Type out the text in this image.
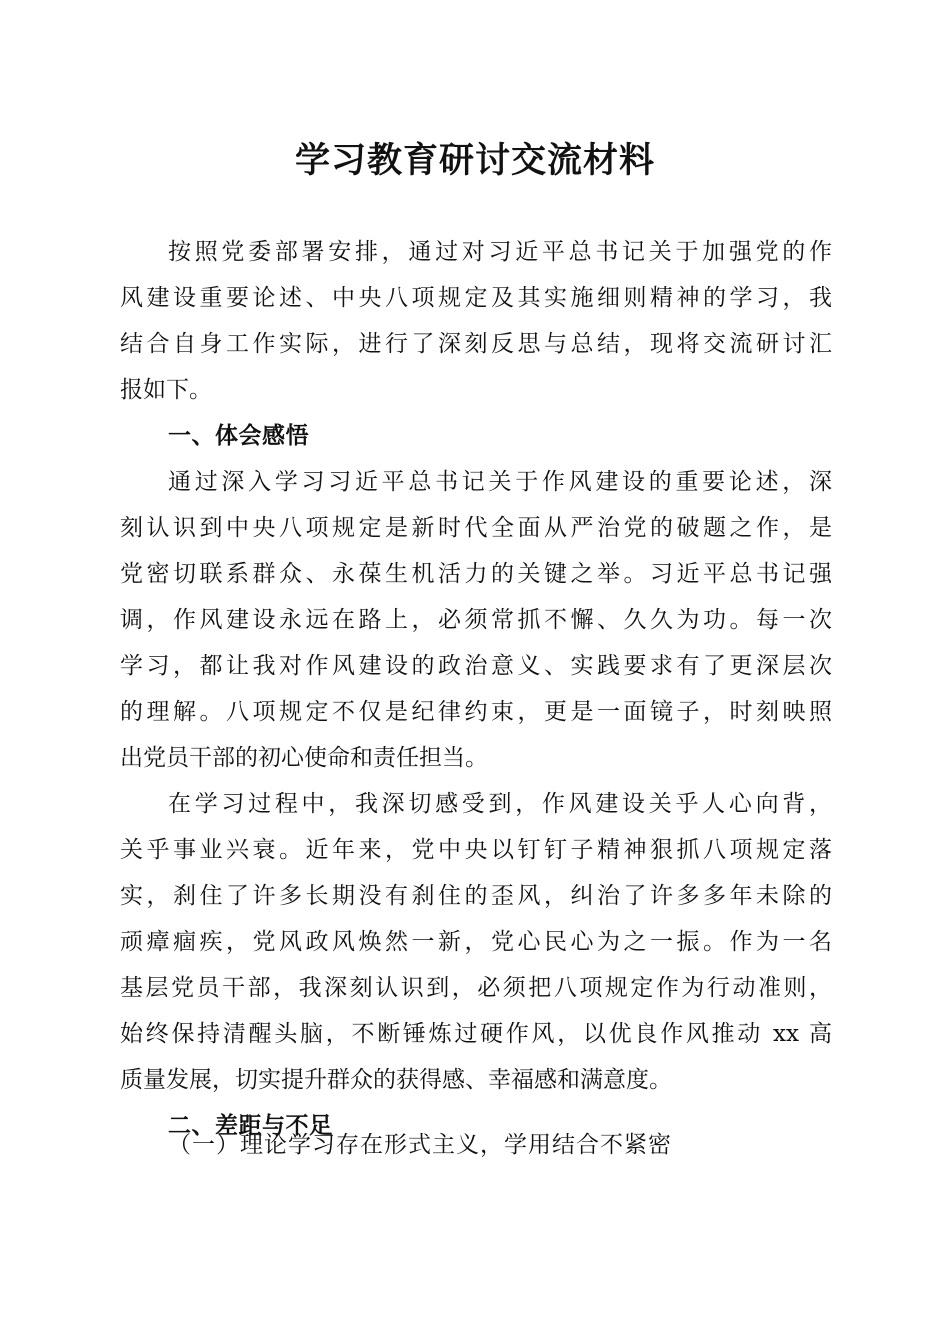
学习教育研讨交流材料
按照党委部署安排，通过对习近平总书记关于加强党的作
风建设重要论述、中央八项规定及其实施细则精神的学习，我
结合自身工作实际，进行了深刻反思与总结，现将交流研讨汇
报如下。
一、体会感悟
通过深入学习习近平总书记关于作风建设的重要论述，深
刻认识到中央八项规定是新时代全面从严治党的破题之作，是
党密切联系群众、永葆生机活力的关键之举。习近平总书记强
调，作风建设永远在路上，必须常抓不懈、久久为功。每一次
学习，都让我对作风建设的政治意义、实践要求有了更深层次
的理解。八项规定不仅是纪律约束，更是一面镜子，时刻映照
出党员干部的初心使命和责任担当。
在学习过程中，我深切感受到，作风建设关乎人心向背，
关乎事业兴衰。近年来，党中央以钉钉子精神狠抓八项规定落
实，刹住了许多长期没有刹住的歪风，纠治了许多多年未除的
顽瘴痼疾，党风政风焕然一新，党心民心为之一振。作为一名
基层党员干部，我深刻认识到，必须把八项规定作为行动准则，
始终保持清醒头脑，不断锤炼过硬作风，以优良作风推动 xx 高
质量发展，切实提升群众的获得感、幸福感和满意度。
二、差距与不足
（一）理论学习存在形式主义，学用结合不紧密
